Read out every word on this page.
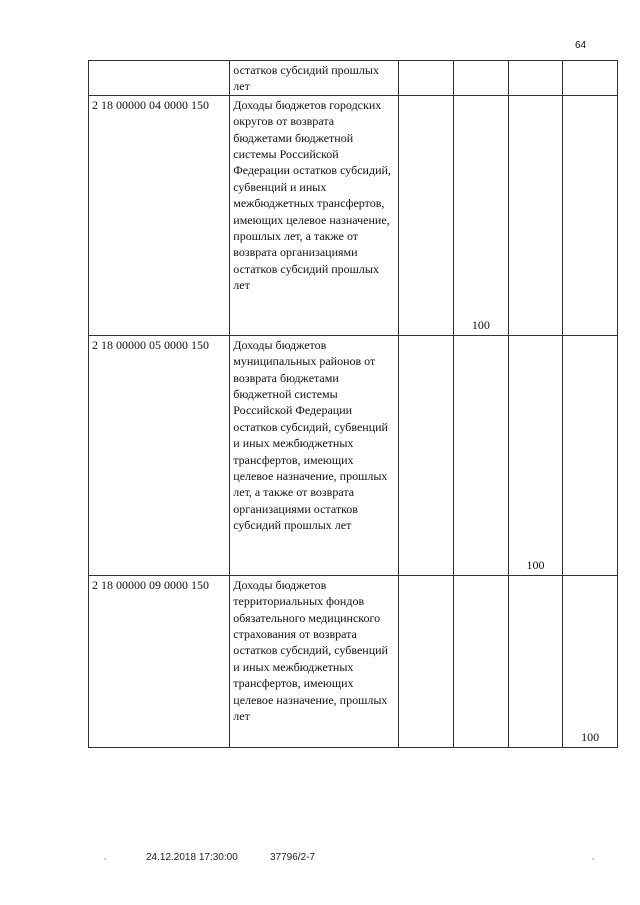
64
	остатков субсидий прошлых лет	

2 18 00000 04 0000 150	Доходы бюджетов городских округов от возврата бюджетами бюджетной системы Российской Федерации остатков субсидий, субвенций и иных межбюджетных трансфертов, имеющих целевое назначение, прошлых лет, а также от возврата организациями остатков субсидий прошлых лет		100		

2 18 00000 05 0000 150	Доходы бюджетов муниципальных районов от возврата бюджетами бюджетной системы Российской Федерации остатков субсидий, субвенций и иных межбюджетных трансфертов, имеющих целевое назначение, прошлых лет, а также от возврата организациями остатков субсидий прошлых лет			100	

2 18 00000 09 0000 150	Доходы бюджетов территориальных фондов обязательного медицинского страхования от возврата остатков субсидий, субвенций и иных межбюджетных трансфертов, имеющих целевое назначение, прошлых лет				100
24.12.2018 17:30:00	37796/2-7
